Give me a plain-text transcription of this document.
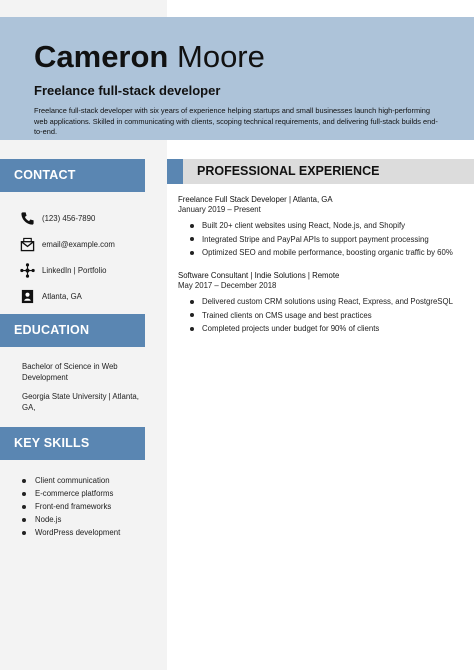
Cameron Moore
Freelance full-stack developer
Freelance full-stack developer with six years of experience helping startups and small businesses launch high-performing web applications. Skilled in communicating with clients, scoping technical requirements, and delivering full-stack builds end-to-end.
CONTACT
(123) 456-7890
email@example.com
LinkedIn | Portfolio
Atlanta, GA
EDUCATION
Bachelor of Science in Web Development
Georgia State University | Atlanta, GA,
KEY SKILLS
Client communication
E-commerce platforms
Front-end frameworks
Node.js
WordPress development
PROFESSIONAL EXPERIENCE
Freelance Full Stack Developer | Atlanta, GA
January 2019 – Present
Built 20+ client websites using React, Node.js, and Shopify
Integrated Stripe and PayPal APIs to support payment processing
Optimized SEO and mobile performance, boosting organic traffic by 60%
Software Consultant | Indie Solutions | Remote
May 2017 – December 2018
Delivered custom CRM solutions using React, Express, and PostgreSQL
Trained clients on CMS usage and best practices
Completed projects under budget for 90% of clients
